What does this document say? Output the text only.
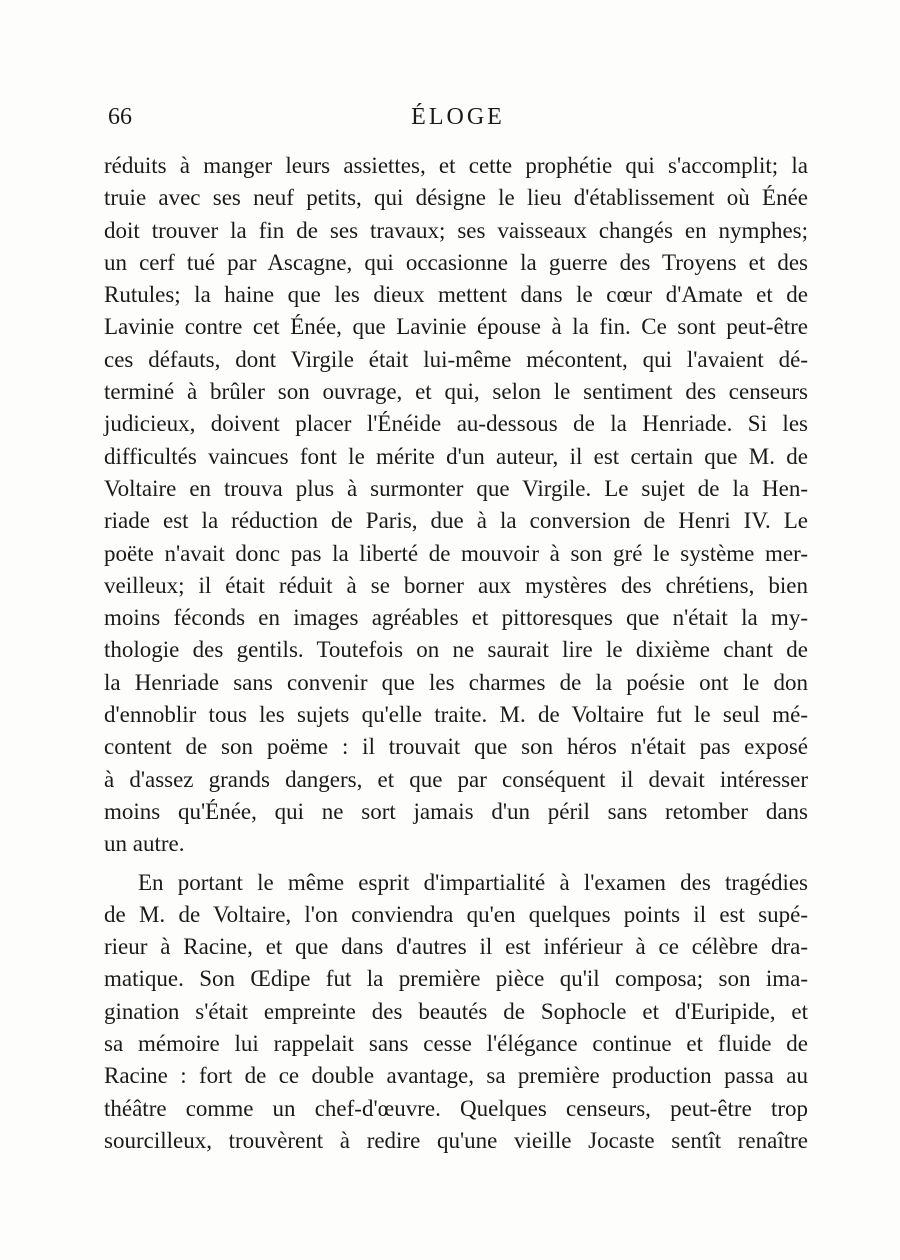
66	ÉLOGE
réduits à manger leurs assiettes, et cette prophétie qui s'accomplit; la
truie avec ses neuf petits, qui désigne le lieu d'établissement où Énée
doit trouver la fin de ses travaux; ses vaisseaux changés en nymphes;
un cerf tué par Ascagne, qui occasionne la guerre des Troyens et des
Rutules; la haine que les dieux mettent dans le cœur d'Amate et de
Lavinie contre cet Énée, que Lavinie épouse à la fin. Ce sont peut-être
ces défauts, dont Virgile était lui-même mécontent, qui l'avaient dé-
terminé à brûler son ouvrage, et qui, selon le sentiment des censeurs
judicieux, doivent placer l'Énéide au-dessous de la Henriade. Si les
difficultés vaincues font le mérite d'un auteur, il est certain que M. de
Voltaire en trouva plus à surmonter que Virgile. Le sujet de la Hen-
riade est la réduction de Paris, due à la conversion de Henri IV. Le
poëte n'avait donc pas la liberté de mouvoir à son gré le système mer-
veilleux; il était réduit à se borner aux mystères des chrétiens, bien
moins féconds en images agréables et pittoresques que n'était la my-
thologie des gentils. Toutefois on ne saurait lire le dixième chant de
la Henriade sans convenir que les charmes de la poésie ont le don
d'ennoblir tous les sujets qu'elle traite. M. de Voltaire fut le seul mé-
content de son poëme : il trouvait que son héros n'était pas exposé
à d'assez grands dangers, et que par conséquent il devait intéresser
moins qu'Énée, qui ne sort jamais d'un péril sans retomber dans
un autre.
En portant le même esprit d'impartialité à l'examen des tragédies
de M. de Voltaire, l'on conviendra qu'en quelques points il est supé-
rieur à Racine, et que dans d'autres il est inférieur à ce célèbre dra-
matique. Son Œdipe fut la première pièce qu'il composa; son ima-
gination s'était empreinte des beautés de Sophocle et d'Euripide, et
sa mémoire lui rappelait sans cesse l'élégance continue et fluide de
Racine : fort de ce double avantage, sa première production passa au
théâtre comme un chef-d'œuvre. Quelques censeurs, peut-être trop
sourcilleux, trouvèrent à redire qu'une vieille Jocaste sentît renaître
